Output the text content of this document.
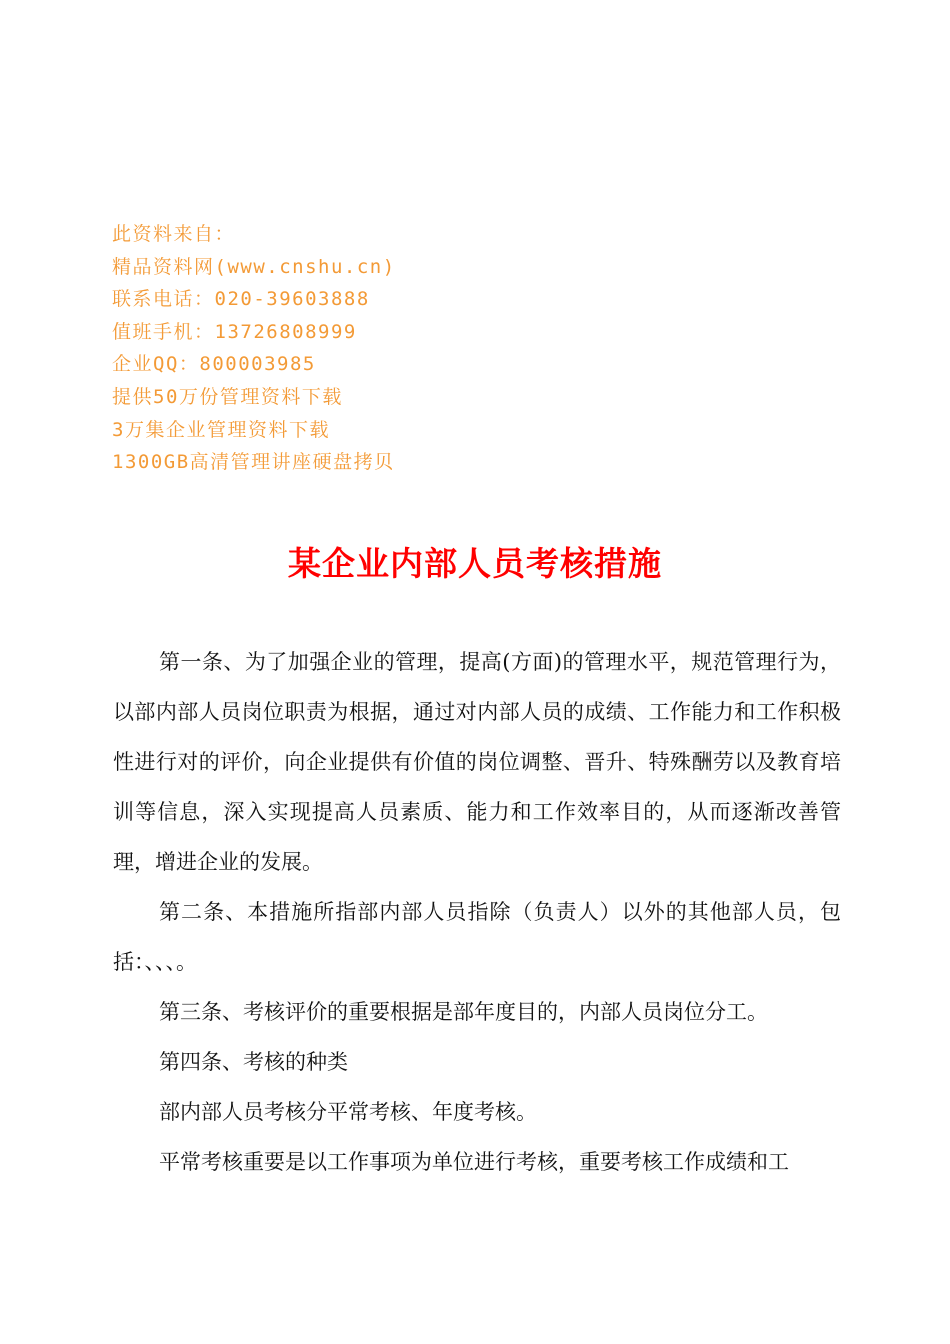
此资料来自：
精品资料网(www.cnshu.cn)
联系电话：020-39603888
值班手机：13726808999
企业QQ：800003985
提供50万份管理资料下载
3万集企业管理资料下载
1300GB高清管理讲座硬盘拷贝
某企业内部人员考核措施

第一条、为了加强企业的管理，提高(方面)的管理水平，规范管理行为，以部内部人员岗位职责为根据，通过对内部人员的成绩、工作能力和工作积极性进行对的评价，向企业提供有价值的岗位调整、晋升、特殊酬劳以及教育培训等信息，深入实现提高人员素质、能力和工作效率目的，从而逐渐改善管理，增进企业的发展。

第二条、本措施所指部内部人员指除（负责人）以外的其他部人员，包括：、、、。

第三条、考核评价的重要根据是部年度目的，内部人员岗位分工。

第四条、考核的种类

部内部人员考核分平常考核、年度考核。

平常考核重要是以工作事项为单位进行考核，重要考核工作成绩和工
